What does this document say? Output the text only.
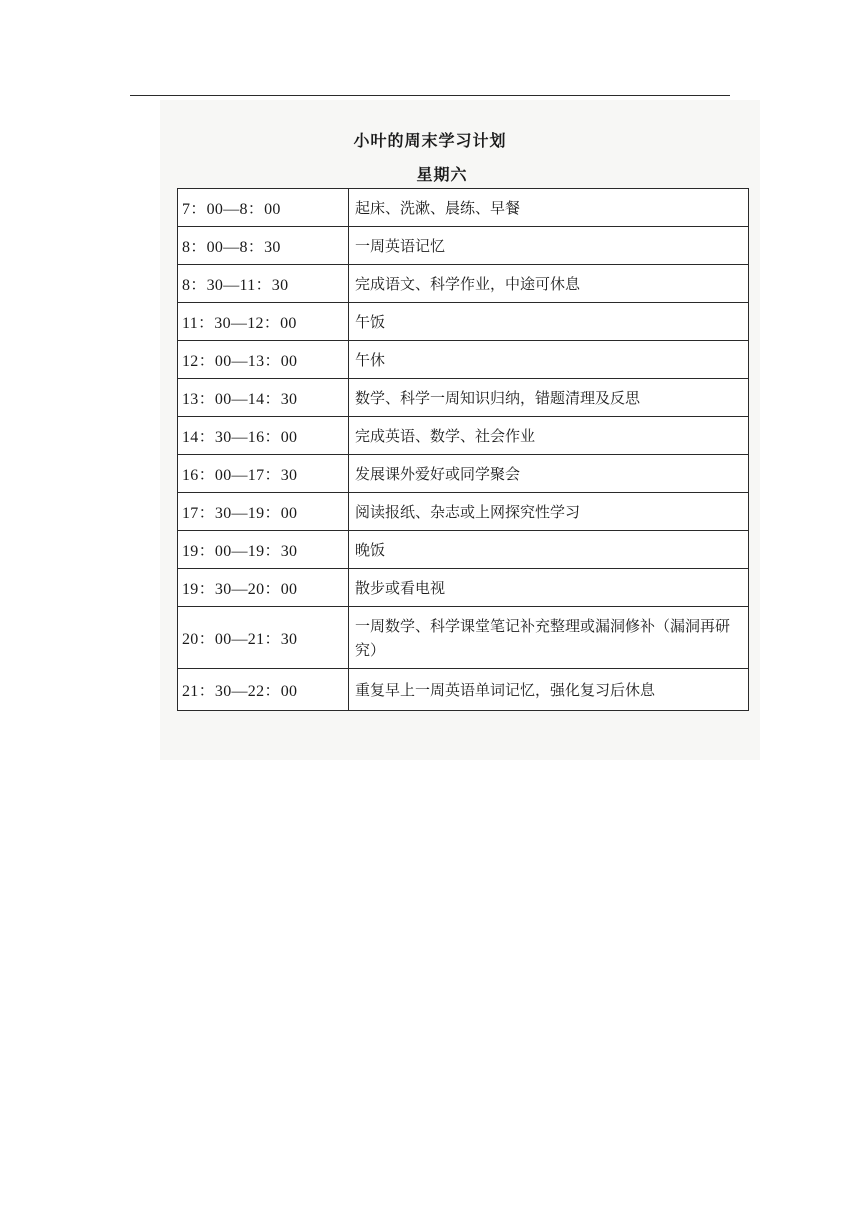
小叶的周末学习计划
星期六
7：00—8：00	起床、洗漱、晨练、早餐
8：00—8：30	一周英语记忆
8：30—11：30	完成语文、科学作业，中途可休息
11：30—12：00	午饭
12：00—13：00	午休
13：00—14：30	数学、科学一周知识归纳，错题清理及反思
14：30—16：00	完成英语、数学、社会作业
16：00—17：30	发展课外爱好或同学聚会
17：30—19：00	阅读报纸、杂志或上网探究性学习
19：00—19：30	晚饭
19：30—20：00	散步或看电视
20：00—21：30	一周数学、科学课堂笔记补充整理或漏洞修补（漏洞再研究）
21：30—22：00	重复早上一周英语单词记忆，强化复习后休息
